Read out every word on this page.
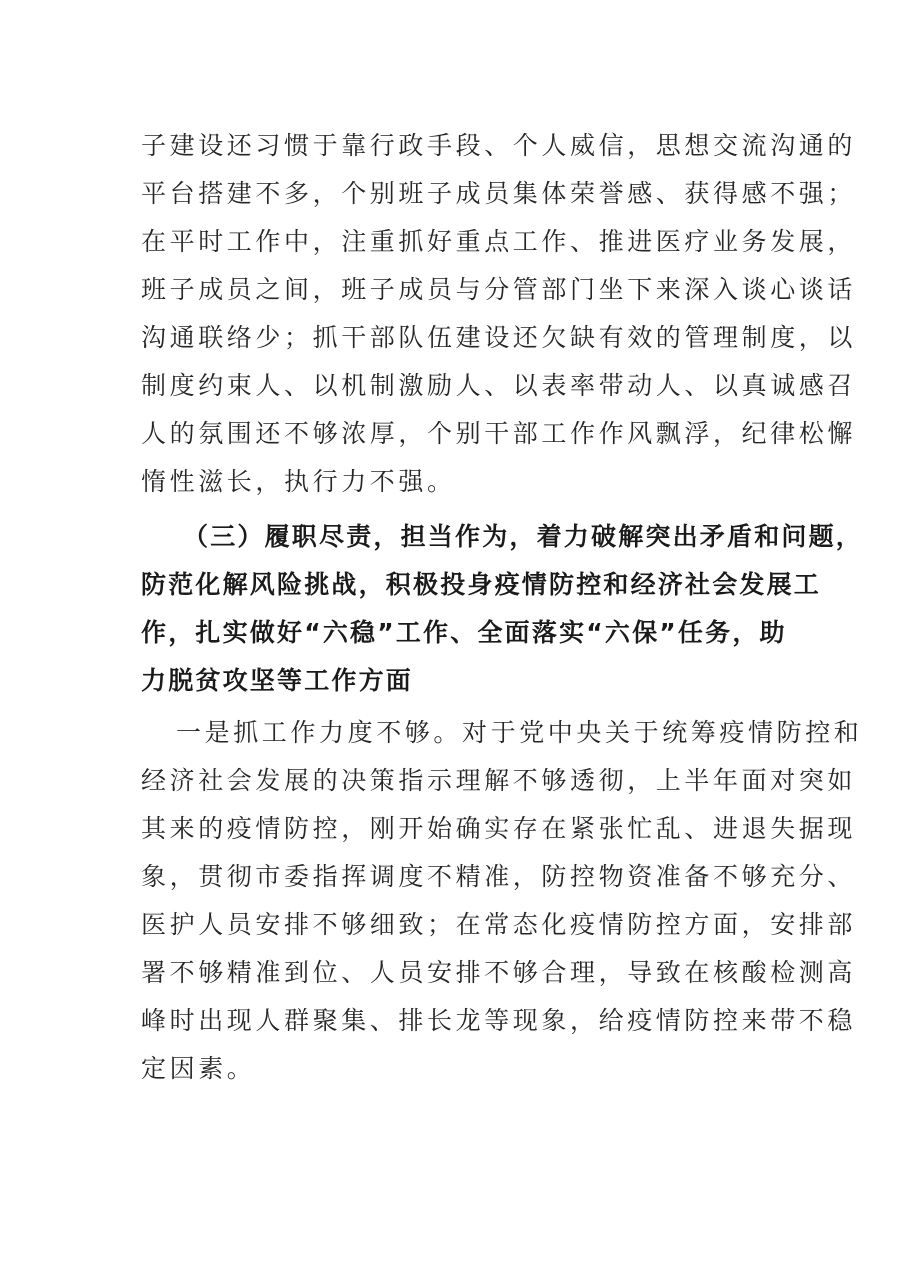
子建设还习惯于靠行政手段、个人威信，思想交流沟通的
平台搭建不多，个别班子成员集体荣誉感、获得感不强；
在平时工作中，注重抓好重点工作、推进医疗业务发展，
班子成员之间，班子成员与分管部门坐下来深入谈心谈话
沟通联络少；抓干部队伍建设还欠缺有效的管理制度，以
制度约束人、以机制激励人、以表率带动人、以真诚感召
人的氛围还不够浓厚，个别干部工作作风飘浮，纪律松懈
惰性滋长，执行力不强。
（三）履职尽责，担当作为，着力破解突出矛盾和问题，
防范化解风险挑战，积极投身疫情防控和经济社会发展工
作，扎实做好“六稳”工作、全面落实“六保”任务，助
力脱贫攻坚等工作方面
一是抓工作力度不够。对于党中央关于统筹疫情防控和
经济社会发展的决策指示理解不够透彻，上半年面对突如
其来的疫情防控，刚开始确实存在紧张忙乱、进退失据现
象，贯彻市委指挥调度不精准，防控物资准备不够充分、
医护人员安排不够细致；在常态化疫情防控方面，安排部
署不够精准到位、人员安排不够合理，导致在核酸检测高
峰时出现人群聚集、排长龙等现象，给疫情防控来带不稳
定因素。
